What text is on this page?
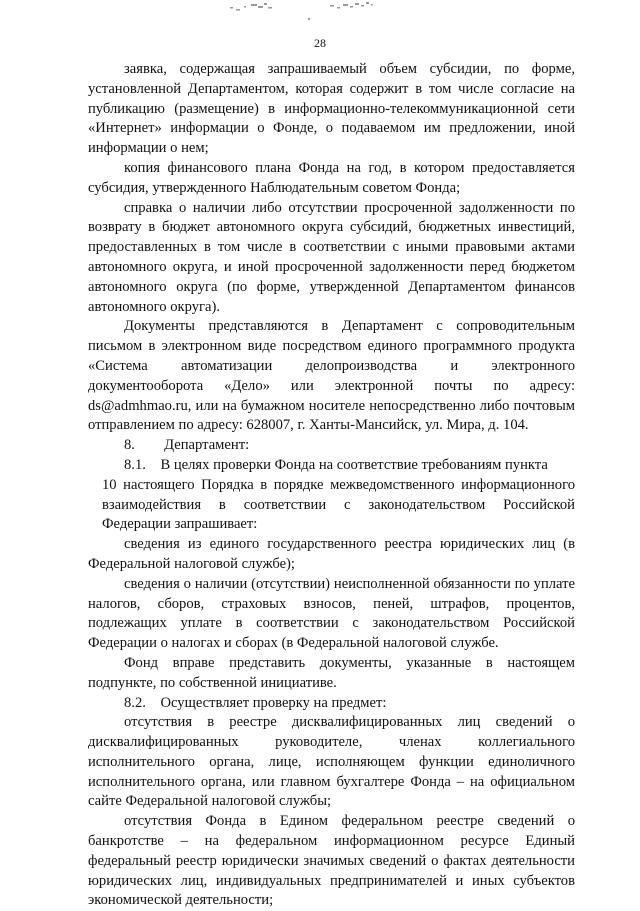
28

заявка, содержащая запрашиваемый объем субсидии, по форме, установленной Департаментом, которая содержит в том числе согласие на публикацию (размещение) в информационно-телекоммуникационной сети «Интернет» информации о Фонде, о подаваемом им предложении, иной информации о нем;

копия финансового плана Фонда на год, в котором предоставляется субсидия, утвержденного Наблюдательным советом Фонда;

справка о наличии либо отсутствии просроченной задолженности по возврату в бюджет автономного округа субсидий, бюджетных инвестиций, предоставленных в том числе в соответствии с иными правовыми актами автономного округа, и иной просроченной задолженности перед бюджетом автономного округа (по форме, утвержденной Департаментом финансов автономного округа).

Документы представляются в Департамент с сопроводительным письмом в электронном виде посредством единого программного продукта «Система автоматизации делопроизводства и электронного документооборота «Дело» или электронной почты по адресу: ds@admhmao.ru, или на бумажном носителе непосредственно либо почтовым отправлением по адресу: 628007, г. Ханты-Мансийск, ул. Мира, д. 104.

8.        Департамент:

8.1.    В целях проверки Фонда на соответствие требованиям пункта

10 настоящего Порядка в порядке межведомственного информационного взаимодействия в соответствии с законодательством Российской Федерации запрашивает:

сведения из единого государственного реестра юридических лиц (в Федеральной налоговой службе);

сведения о наличии (отсутствии) неисполненной обязанности по уплате налогов, сборов, страховых взносов, пеней, штрафов, процентов, подлежащих уплате в соответствии с законодательством Российской Федерации о налогах и сборах (в Федеральной налоговой службе.

Фонд вправе представить документы, указанные в настоящем подпункте, по собственной инициативе.

8.2.    Осуществляет проверку на предмет:

отсутствия в реестре дисквалифицированных лиц сведений о дисквалифицированных руководителе, членах коллегиального исполнительного органа, лице, исполняющем функции единоличного исполнительного органа, или главном бухгалтере Фонда – на официальном сайте Федеральной налоговой службы;

отсутствия Фонда в Едином федеральном реестре сведений о банкротстве – на федеральном информационном ресурсе Единый федеральный реестр юридически значимых сведений о фактах деятельности юридических лиц, индивидуальных предпринимателей и иных субъектов экономической деятельности;
